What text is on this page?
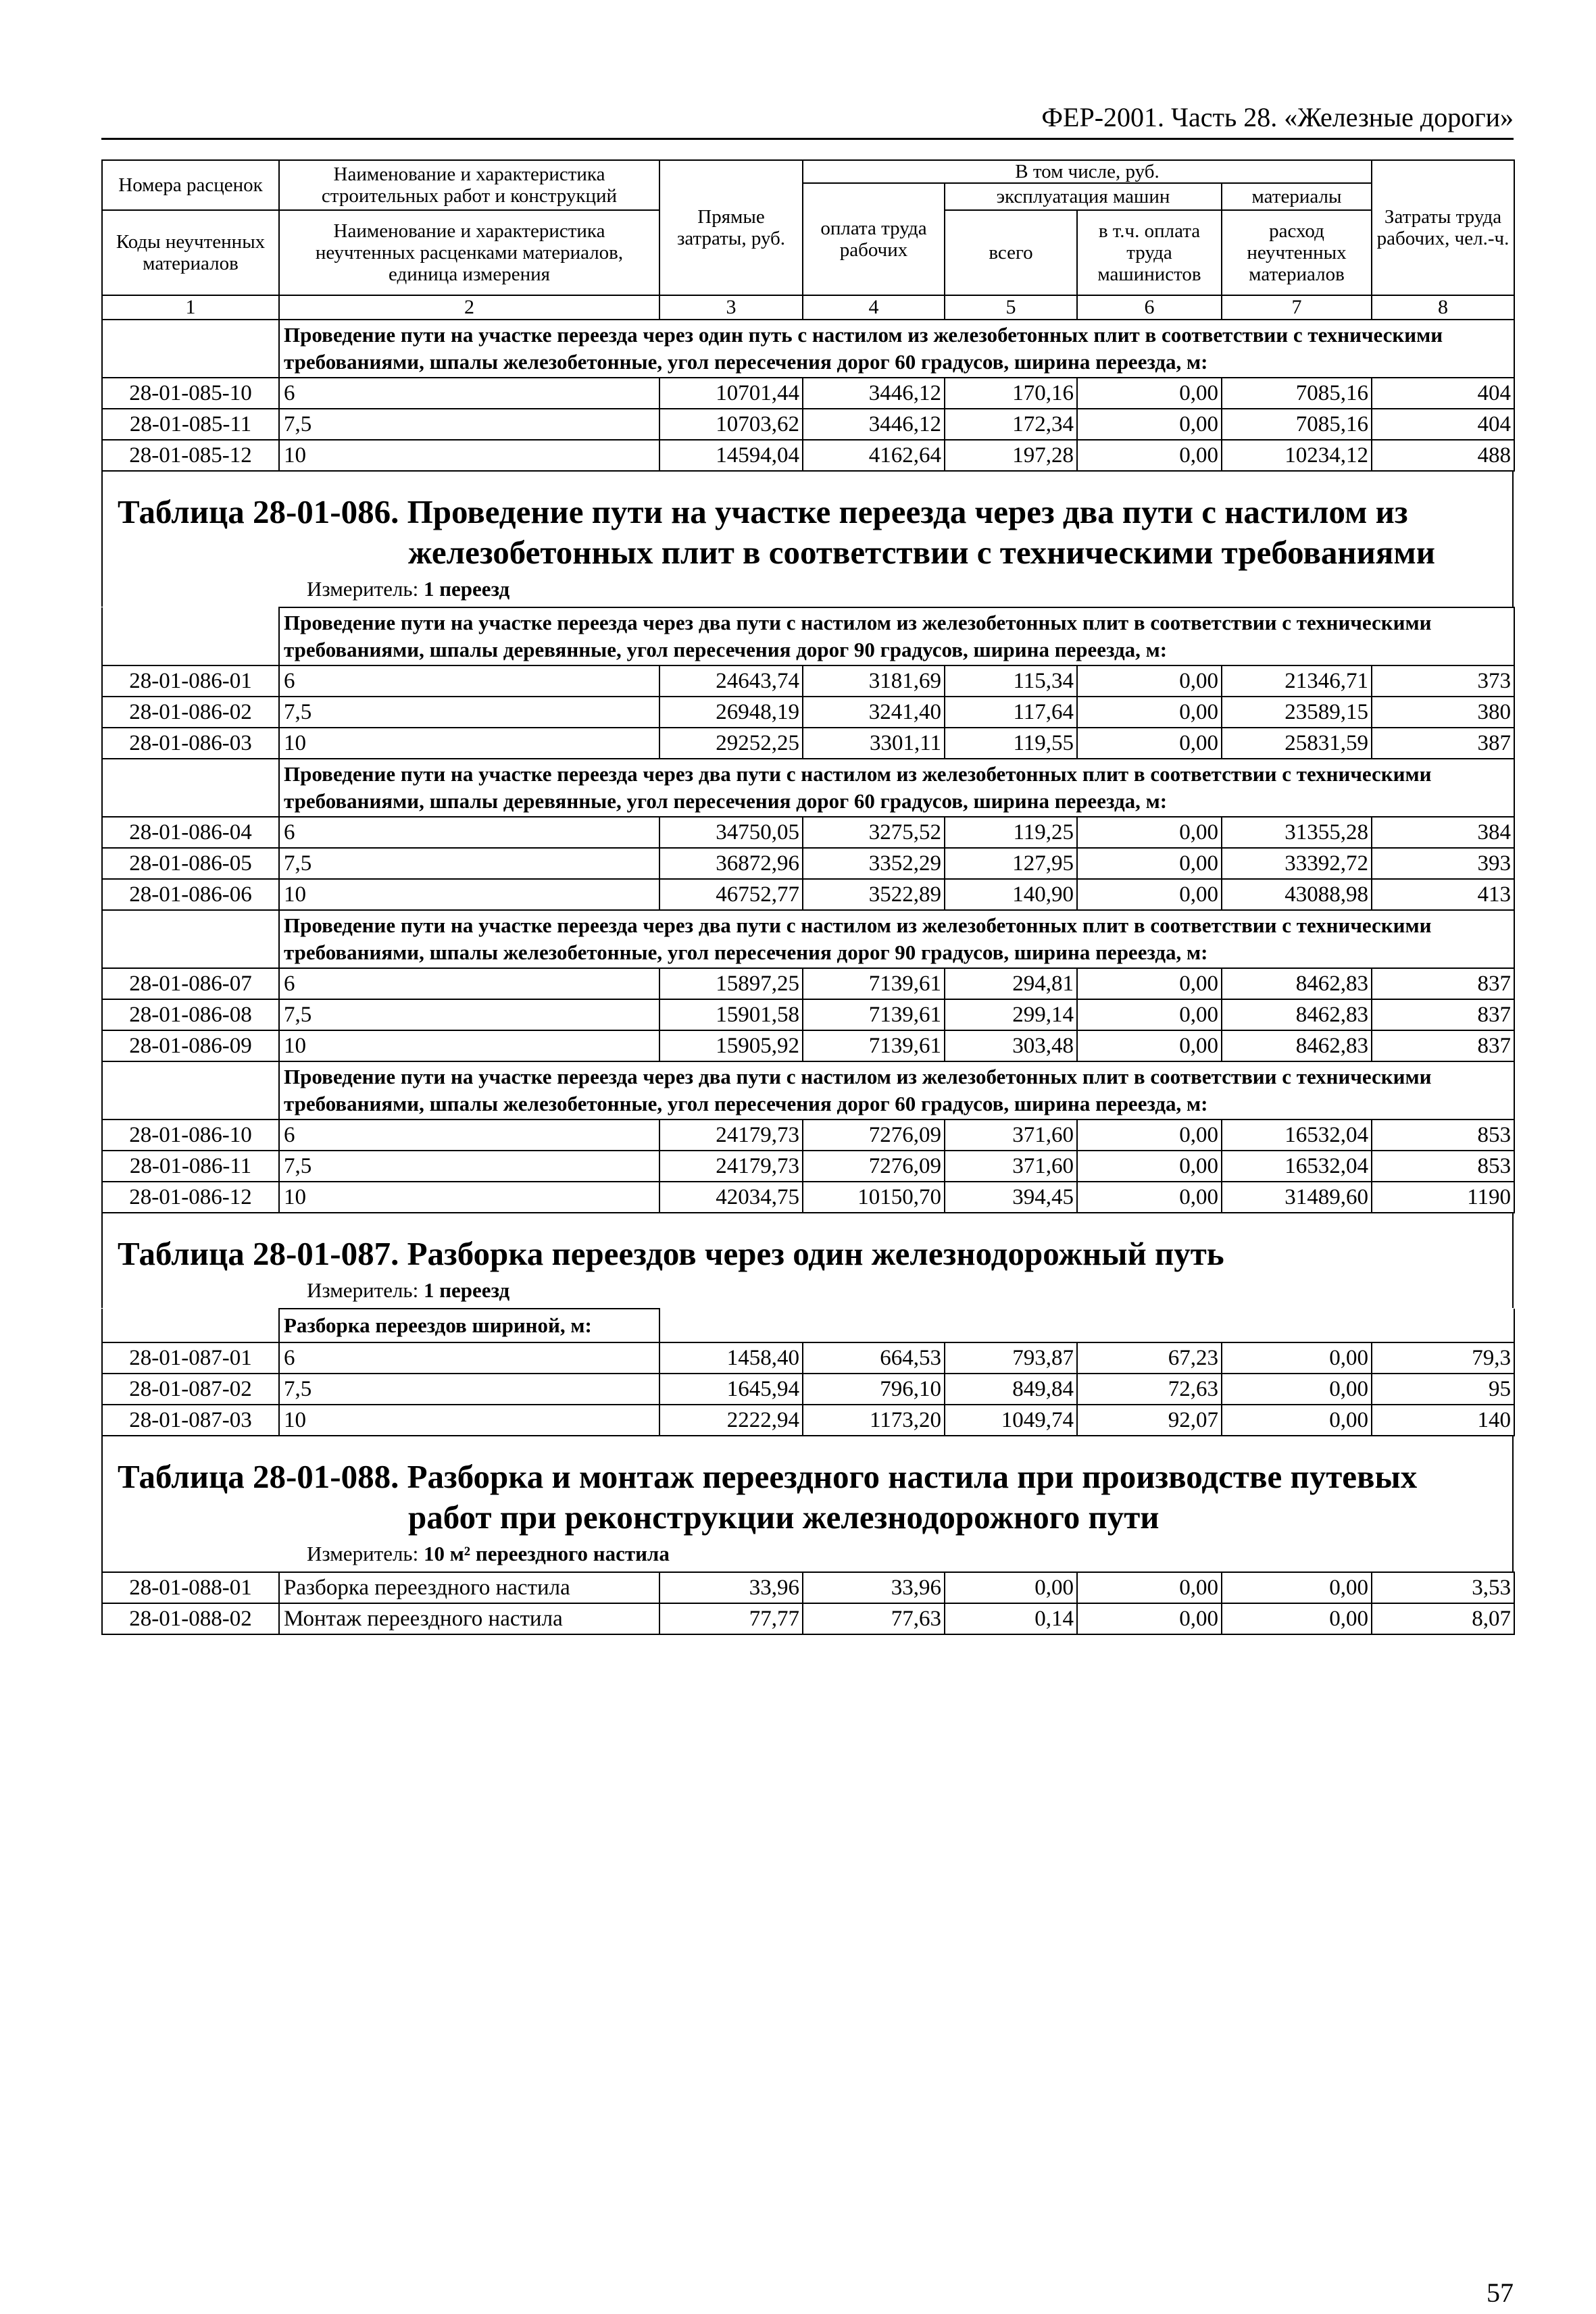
ФЕР-2001. Часть 28. «Железные дороги»
Номера расценок	Наименование и характеристика строительных работ и конструкций	Прямые затраты, руб.	В том числе, руб.				Затраты труда рабочих, чел.-ч.
			оплата труда рабочих	эксплуатация машин		материалы	
Коды неучтенных материалов	Наименование и характеристика неучтенных расценками материалов, единица измерения			всего	в т.ч. оплата труда машинистов	расход неучтенных материалов	

1	2	3	4	5	6	7	8
	Проведение пути на участке переезда через один путь с настилом из железобетонных плит в соответствии с техническими требованиями, шпалы железобетонные, угол пересечения дорог 60 градусов, ширина переезда, м:						
28-01-085-10	6	10701,44	3446,12	170,16	0,00	7085,16	404
28-01-085-11	7,5	10703,62	3446,12	172,34	0,00	7085,16	404
28-01-085-12	10	14594,04	4162,64	197,28	0,00	10234,12	488
Таблица 28-01-086. Проведение пути на участке переезда через два пути с настилом из
железобетонных плит в соответствии с техническими требованиями
Измеритель: 1 переезд
	Проведение пути на участке переезда через два пути с настилом из железобетонных плит в соответствии с техническими требованиями, шпалы деревянные, угол пересечения дорог 90 градусов, ширина переезда, м:						
28-01-086-01	6	24643,74	3181,69	115,34	0,00	21346,71	373
28-01-086-02	7,5	26948,19	3241,40	117,64	0,00	23589,15	380
28-01-086-03	10	29252,25	3301,11	119,55	0,00	25831,59	387
	Проведение пути на участке переезда через два пути с настилом из железобетонных плит в соответствии с техническими требованиями, шпалы деревянные, угол пересечения дорог 60 градусов, ширина переезда, м:						
28-01-086-04	6	34750,05	3275,52	119,25	0,00	31355,28	384
28-01-086-05	7,5	36872,96	3352,29	127,95	0,00	33392,72	393
28-01-086-06	10	46752,77	3522,89	140,90	0,00	43088,98	413
	Проведение пути на участке переезда через два пути с настилом из железобетонных плит в соответствии с техническими требованиями, шпалы железобетонные, угол пересечения дорог 90 градусов, ширина переезда, м:						
28-01-086-07	6	15897,25	7139,61	294,81	0,00	8462,83	837
28-01-086-08	7,5	15901,58	7139,61	299,14	0,00	8462,83	837
28-01-086-09	10	15905,92	7139,61	303,48	0,00	8462,83	837
	Проведение пути на участке переезда через два пути с настилом из железобетонных плит в соответствии с техническими требованиями, шпалы железобетонные, угол пересечения дорог 60 градусов, ширина переезда, м:						
28-01-086-10	6	24179,73	7276,09	371,60	0,00	16532,04	853
28-01-086-11	7,5	24179,73	7276,09	371,60	0,00	16532,04	853
28-01-086-12	10	42034,75	10150,70	394,45	0,00	31489,60	1190
Таблица 28-01-087. Разборка переездов через один железнодорожный путь
Измеритель: 1 переезд
	Разборка переездов шириной, м:						
28-01-087-01	6	1458,40	664,53	793,87	67,23	0,00	79,3
28-01-087-02	7,5	1645,94	796,10	849,84	72,63	0,00	95
28-01-087-03	10	2222,94	1173,20	1049,74	92,07	0,00	140
Таблица 28-01-088. Разборка и монтаж переездного настила при производстве путевых
работ при реконструкции железнодорожного пути
Измеритель: 10 м² переездного настила
28-01-088-01	Разборка переездного настила	33,96	33,96	0,00	0,00	0,00	3,53
28-01-088-02	Монтаж переездного настила	77,77	77,63	0,14	0,00	0,00	8,07
57
